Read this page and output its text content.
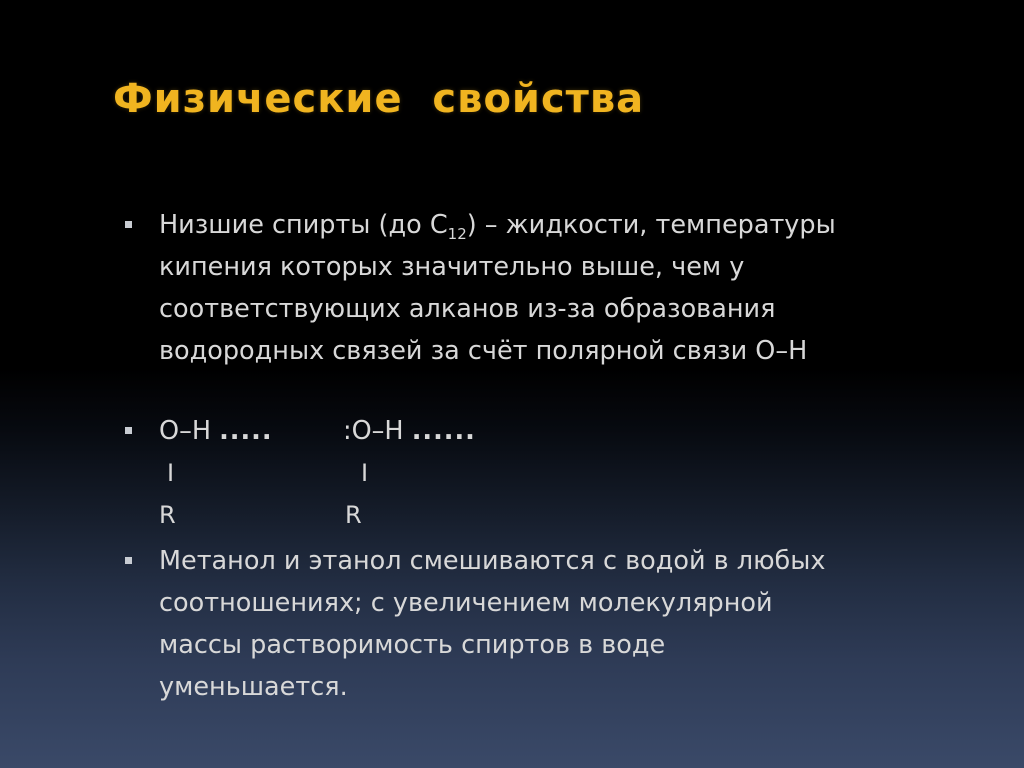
Физические  свойства
Низшие спирты (до $С_{12}$) – жидкости, температуры
кипения которых значительно выше, чем у
соответствующих алканов из-за образования
водородных связей за счёт полярной связи О–Н
О–Н .....	:О–Н ......
I	I
R	R
Метанол и этанол смешиваются с водой в любых
соотношениях; с увеличением молекулярной
массы растворимость спиртов в воде
уменьшается.
